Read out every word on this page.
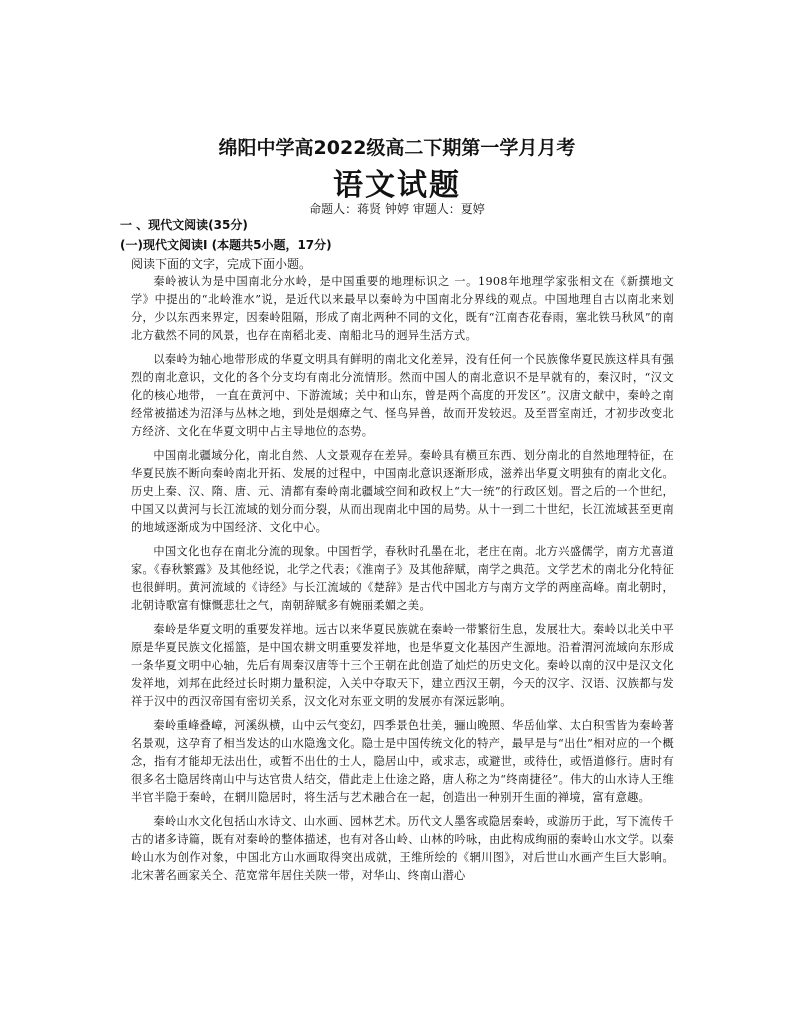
绵阳中学高2022级高二下期第一学月月考
语文试题
命题人：蒋贤 钟婷 审题人：夏婷
一 、现代文阅读(35分)
(一)现代文阅读I (本题共5小题，17分)
阅读下面的文字，完成下面小题。

秦岭被认为是中国南北分水岭，是中国重要的地理标识之 一。1908年地理学家张相文在《新撰地文学》中提出的“北岭淮水”说，是近代以来最早以秦岭为中国南北分界线的观点。中国地理自古以南北来划分，少以东西来界定，因秦岭阻隔，形成了南北两种不同的文化，既有“江南杏花春雨，塞北铁马秋风”的南北方截然不同的风景，也存在南稻北麦、南船北马的迥异生活方式。

以秦岭为轴心地带形成的华夏文明具有鲜明的南北文化差异，没有任何一个民族像华夏民族这样具有强烈的南北意识，文化的各个分支均有南北分流情形。然而中国人的南北意识不是早就有的，秦汉时，“汉文化的核心地带， 一直在黄河中、下游流域；关中和山东，曾是两个高度的开发区”。汉唐文献中，秦岭之南经常被描述为沼泽与丛林之地，到处是烟瘴之气、怪鸟异兽，故而开发较迟。及至晋室南迁，才初步改变北方经济、文化在华夏文明中占主导地位的态势。

中国南北疆域分化，南北自然、人文景观存在差异。秦岭具有横亘东西、划分南北的自然地理特征，在华夏民族不断向秦岭南北开拓、发展的过程中，中国南北意识逐渐形成，滋养出华夏文明独有的南北文化。历史上秦、汉、隋、唐、元、清都有秦岭南北疆域空间和政权上“大一统”的行政区划。晋之后的一个世纪，中国又以黄河与长江流域的划分而分裂，从而出现南北中国的局势。从十一到二十世纪，长江流域甚至更南的地域逐渐成为中国经济、文化中心。

中国文化也存在南北分流的现象。中国哲学，春秋时孔墨在北，老庄在南。北方兴盛儒学，南方尤喜道家。《春秋繁露》及其他经说，北学之代表；《淮南子》及其他辞赋，南学之典范。文学艺术的南北分化特征也很鲜明。黄河流域的《诗经》与长江流域的《楚辞》是古代中国北方与南方文学的两座高峰。南北朝时，北朝诗歌富有慷慨悲壮之气，南朝辞赋多有婉丽柔媚之美。

秦岭是华夏文明的重要发祥地。远古以来华夏民族就在秦岭一带繁衍生息，发展壮大。秦岭以北关中平原是华夏民族文化摇篮，是中国农耕文明重要发祥地，也是华夏文化基因产生源地。沿着渭河流域向东形成一条华夏文明中心轴，先后有周秦汉唐等十三个王朝在此创造了灿烂的历史文化。秦岭以南的汉中是汉文化发祥地，刘邦在此经过长时期力量积淀，入关中夺取天下，建立西汉王朝，今天的汉字、汉语、汉族都与发祥于汉中的西汉帝国有密切关系，汉文化对东亚文明的发展亦有深远影响。

秦岭重峰叠嶂，河溪纵横，山中云气变幻，四季景色壮美，骊山晚照、华岳仙掌、太白积雪皆为秦岭著名景观，这孕育了相当发达的山水隐逸文化。隐士是中国传统文化的特产，最早是与“出仕”相对应的一个概念，指有才能却无法出仕，或暂不出仕的士人，隐居山中，或求志，或避世，或待仕，或悟道修行。唐时有很多名士隐居终南山中与达官贵人结交，借此走上仕途之路，唐人称之为“终南捷径”。伟大的山水诗人王维半官半隐于秦岭，在辋川隐居时，将生活与艺术融合在一起，创造出一种别开生面的禅境，富有意趣。

秦岭山水文化包括山水诗文、山水画、园林艺术。历代文人墨客或隐居秦岭，或游历于此，写下流传千古的诸多诗篇，既有对秦岭的整体描述，也有对各山岭、山林的吟咏，由此构成绚丽的秦岭山水文学。以秦岭山水为创作对象，中国北方山水画取得突出成就，王维所绘的《辋川图》，对后世山水画产生巨大影响。北宋著名画家关仝、范宽常年居住关陕一带，对华山、终南山潜心
